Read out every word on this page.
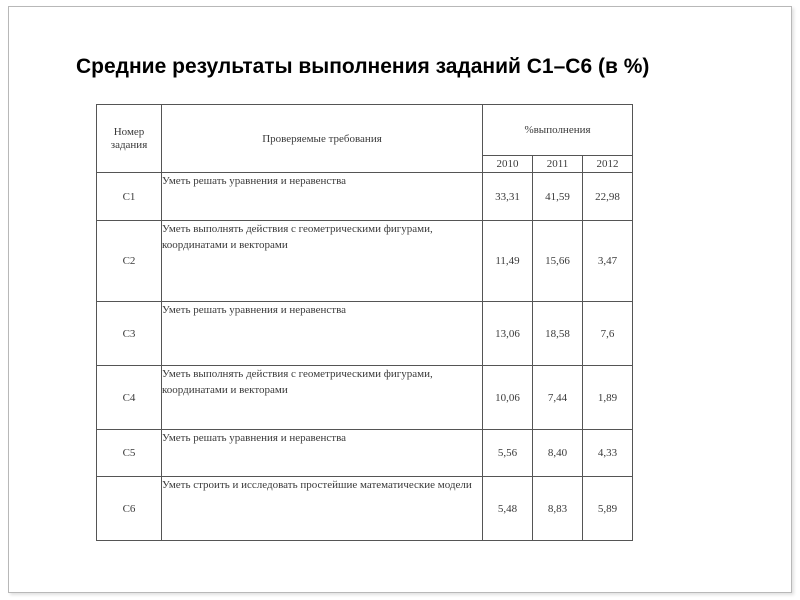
Средние результаты выполнения заданий С1–С6 (в %)
Номер
задания	Проверяемые требования	%выполнения		
		2010	2011	2012
С1	Уметь решать уравнения и неравенства	33,31	41,59	22,98
С2	Уметь выполнять действия с геометрическими фигурами, координатами и векторами	11,49	15,66	3,47
С3	Уметь решать уравнения и неравенства	13,06	18,58	7,6
С4	Уметь выполнять действия с геометрическими фигурами, координатами и векторами	10,06	7,44	1,89
С5	Уметь решать уравнения и неравенства	5,56	8,40	4,33
С6	Уметь строить и исследовать простейшие математические модели	5,48	8,83	5,89
